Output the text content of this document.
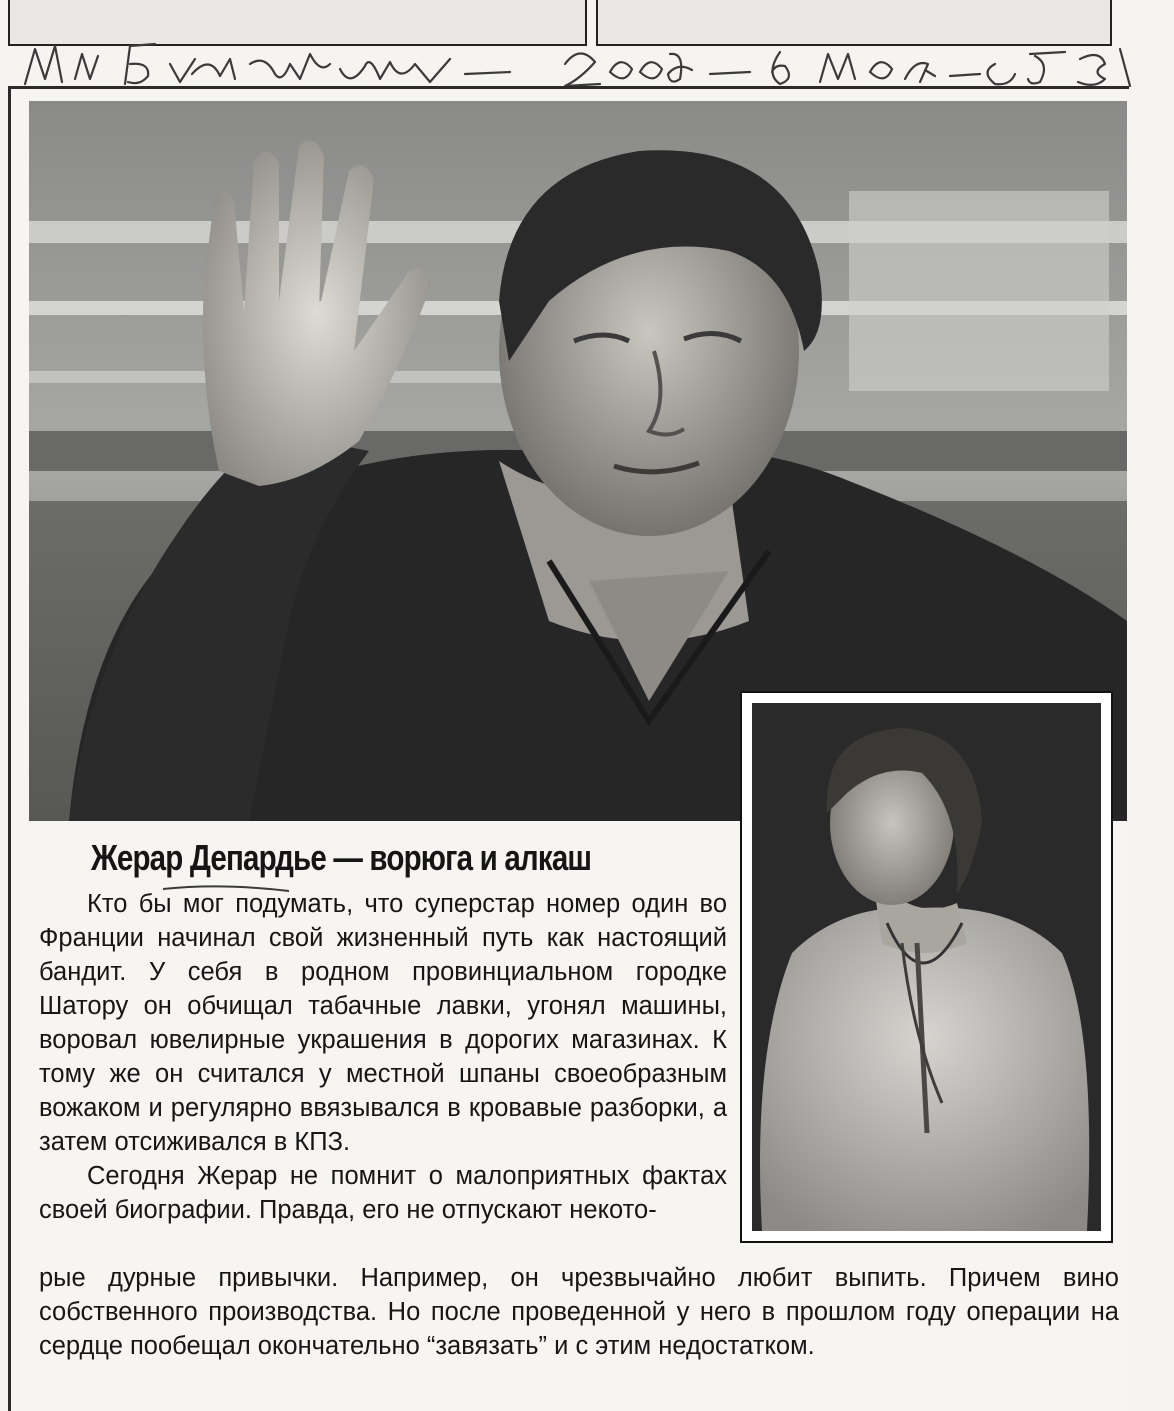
Жерар Депардье — ворюга и алкаш

Кто бы мог подумать, что суперстар номер один во Франции начинал свой жизненный путь как настоящий бандит. У себя в родном провинциальном городке Шатору он обчищал табачные лавки, угонял машины, воровал ювелирные украшения в дорогих магазинах. К тому же он считался у местной шпаны своеобразным вожаком и регулярно ввязывался в кровавые разборки, а затем отсиживался в КПЗ.

Сегодня Жерар не помнит о малоприятных фактах своей биографии. Правда, его не отпускают некото-

рые дурные привычки. Например, он чрезвычайно любит выпить. Причем вино собственного производства. Но после проведенной у него в прошлом году операции на сердце пообещал окончательно “завязать” и с этим недостатком.
